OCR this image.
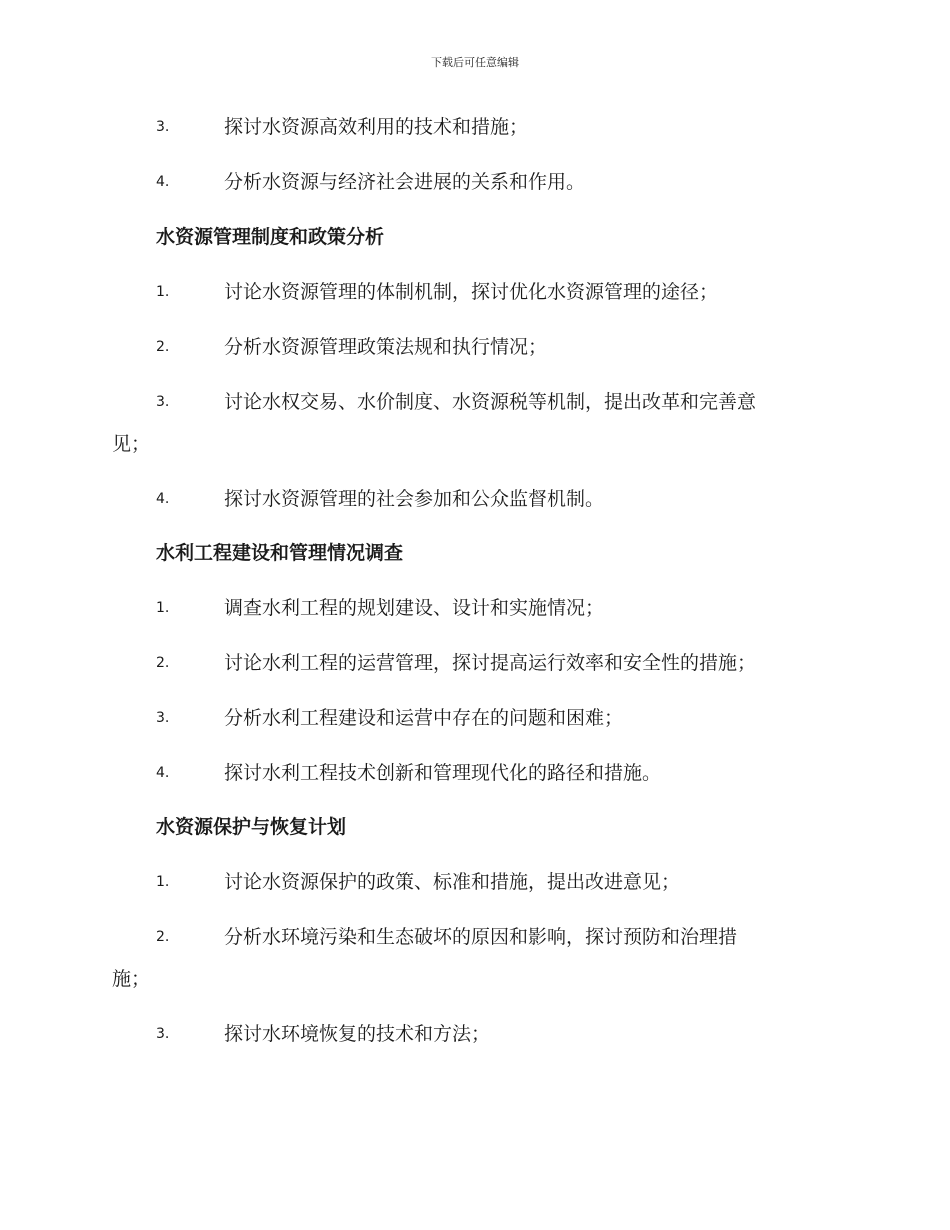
下载后可任意编辑
3.	探讨水资源高效利用的技术和措施；
4.	分析水资源与经济社会进展的关系和作用。
水资源管理制度和政策分析
1.	讨论水资源管理的体制机制，探讨优化水资源管理的途径；
2.	分析水资源管理政策法规和执行情况；
3.	讨论水权交易、水价制度、水资源税等机制，提出改革和完善意
见；
4.	探讨水资源管理的社会参加和公众监督机制。
水利工程建设和管理情况调查
1.	调查水利工程的规划建设、设计和实施情况；
2.	讨论水利工程的运营管理，探讨提高运行效率和安全性的措施；
3.	分析水利工程建设和运营中存在的问题和困难；
4.	探讨水利工程技术创新和管理现代化的路径和措施。
水资源保护与恢复计划
1.	讨论水资源保护的政策、标准和措施，提出改进意见；
2.	分析水环境污染和生态破坏的原因和影响，探讨预防和治理措
施；
3.	探讨水环境恢复的技术和方法；
